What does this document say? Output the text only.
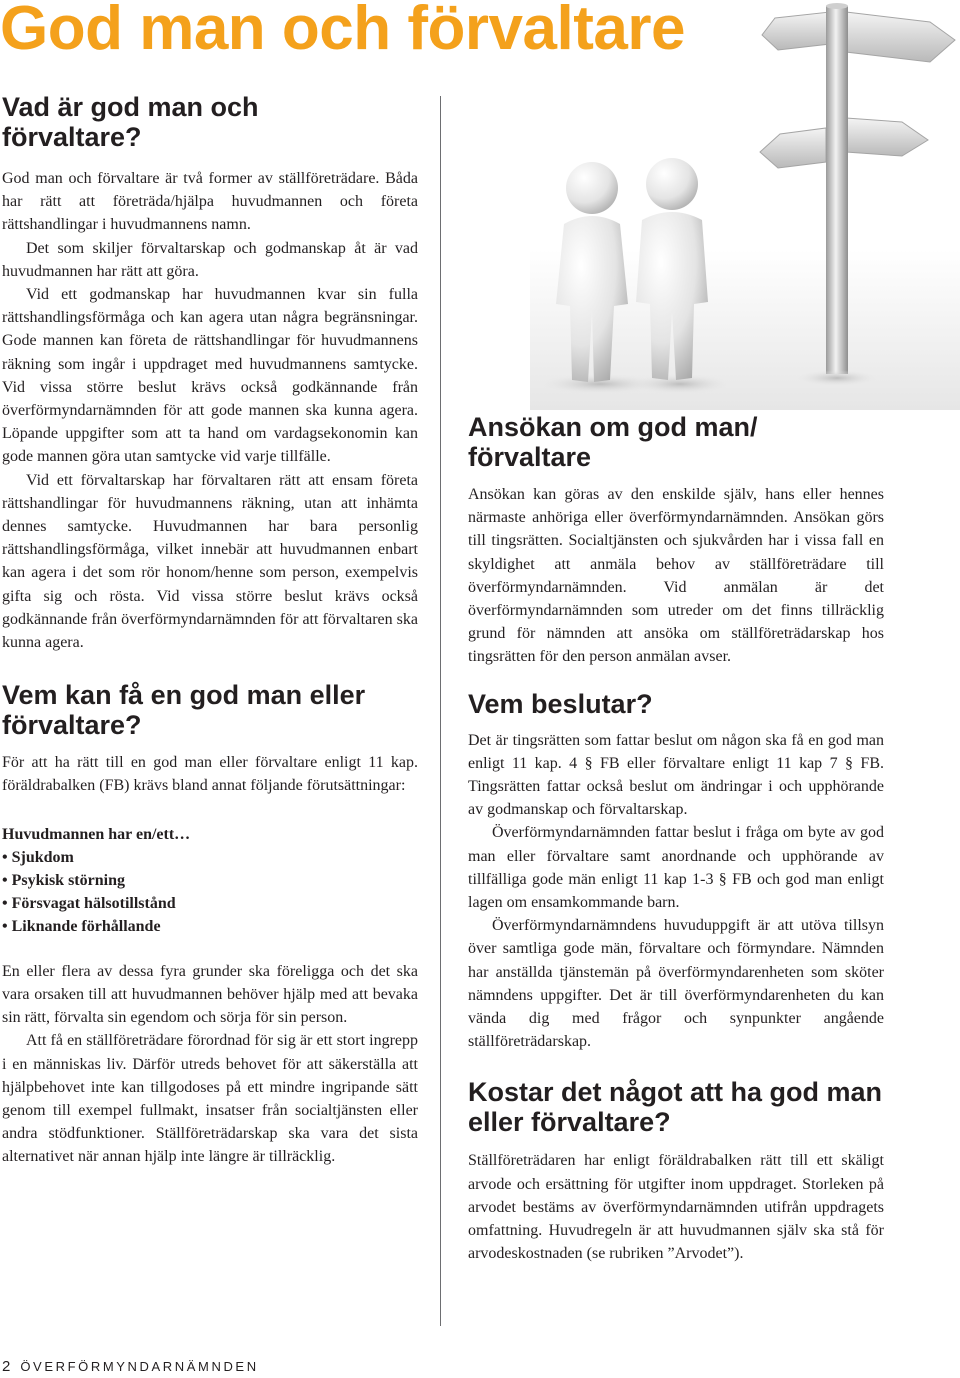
God man och förvaltare
Vad är god man och förvaltare?

God man och förvaltare är två former av ställföreträdare. Båda har rätt att företräda/hjälpa huvudmannen och företa rättshandlingar i huvudmannens namn.

Det som skiljer förvaltarskap och godmanskap åt är vad huvudmannen har rätt att göra.

Vid ett godmanskap har huvudmannen kvar sin fulla rättshandlingsförmåga och kan agera utan några begränsningar. Gode mannen kan företa de rättshandlingar för huvudmannens räkning som ingår i uppdraget med huvudmannens samtycke. Vid vissa större beslut krävs också godkännande från överförmyndarnämnden för att gode mannen ska kunna agera. Löpande uppgifter som att ta hand om vardagsekonomin kan gode mannen göra utan samtycke vid varje tillfälle.

Vid ett förvaltarskap har förvaltaren rätt att ensam företa rättshandlingar för huvudmannens räkning, utan att inhämta dennes samtycke. Huvudmannen har bara personlig rättshandlingsförmåga, vilket innebär att huvudmannen enbart kan agera i det som rör honom/henne som person, exempelvis gifta sig och rösta. Vid vissa större beslut krävs också godkännande från överförmyndarnämnden för att förvaltaren ska kunna agera.

Vem kan få en god man eller förvaltare?

För att ha rätt till en god man eller förvaltare enligt 11 kap. föräldrabalken (FB) krävs bland annat följande förutsättningar:

Huvudmannen har en/ett…

• Sjukdom
• Psykisk störning
• Försvagat hälsotillstånd
• Liknande förhållande

En eller flera av dessa fyra grunder ska föreligga och det ska vara orsaken till att huvudmannen behöver hjälp med att bevaka sin rätt, förvalta sin egendom och sörja för sin person.

Att få en ställföreträdare förordnad för sig är ett stort ingrepp i en människas liv. Därför utreds behovet för att säkerställa att hjälpbehovet inte kan tillgodoses på ett mindre ingripande sätt genom till exempel fullmakt, insatser från socialtjänsten eller andra stödfunktioner. Ställföreträdarskap ska vara det sista alternativet när annan hjälp inte längre är tillräcklig.

Ansökan om god man/ förvaltare

Ansökan kan göras av den enskilde själv, hans eller hennes närmaste anhöriga eller överförmyndarnämnden. Ansökan görs till tingsrätten. Socialtjänsten och sjukvården har i vissa fall en skyldighet att anmäla behov av ställföreträdare till överförmyndarnämnden. Vid anmälan är det överförmyndarnämnden som utreder om det finns tillräcklig grund för nämnden att ansöka om ställföreträdarskap hos tingsrätten för den person anmälan avser.

Vem beslutar?

Det är tingsrätten som fattar beslut om någon ska få en god man enligt 11 kap. 4 § FB eller förvaltare enligt 11 kap 7 § FB. Tingsrätten fattar också beslut om ändringar i och upphörande av godmanskap och förvaltarskap.

Överförmyndarnämnden fattar beslut i fråga om byte av god man eller förvaltare samt anordnande och upphörande av tillfälliga gode män enligt 11 kap 1-3 § FB och god man enligt lagen om ensamkommande barn.

Överförmyndarnämndens huvuduppgift är att utöva tillsyn över samtliga gode män, förvaltare och förmyndare. Nämnden har anställda tjänstemän på överförmyndarenheten som sköter nämndens uppgifter. Det är till överförmyndarenheten du kan vända dig med frågor och synpunkter angående ställföreträdarskap.

Kostar det något att ha god man eller förvaltare?

Ställföreträdaren har enligt föräldrabalken rätt till ett skäligt arvode och ersättning för utgifter inom uppdraget. Storleken på arvodet bestäms av överförmyndarnämnden utifrån uppdragets omfattning. Huvudregeln är att huvudmannen själv ska stå för arvodeskostnaden (se rubriken ”Arvodet”).

2 ÖVERFÖRMYNDARNÄMNDEN
